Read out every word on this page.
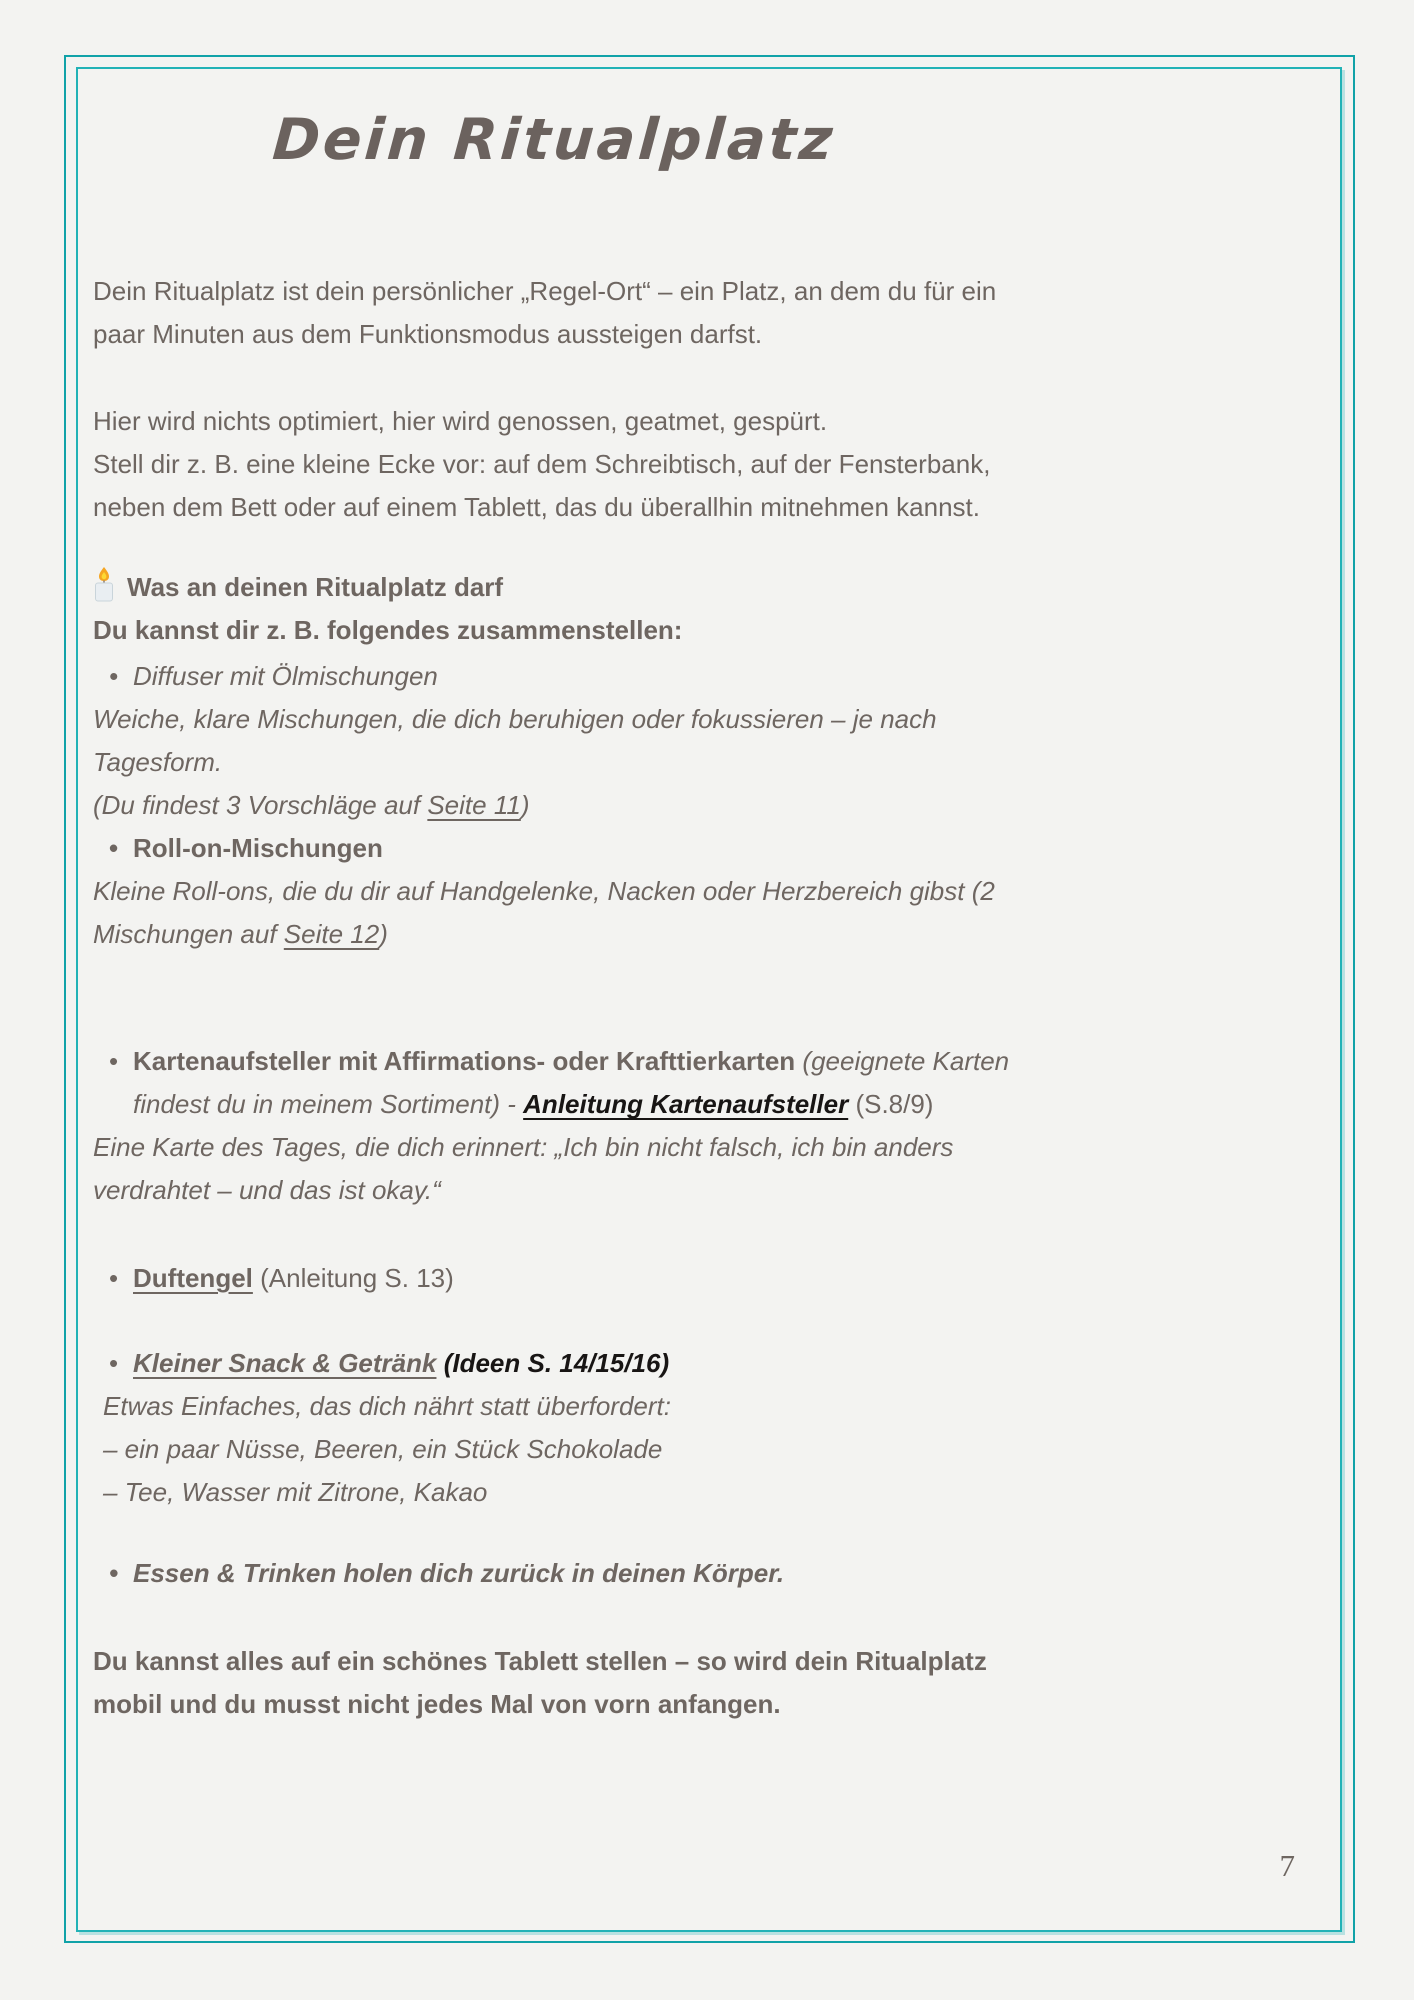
Dein Ritualplatz

Dein Ritualplatz ist dein persönlicher „Regel-Ort“ – ein Platz, an dem du für ein paar Minuten aus dem Funktionsmodus aussteigen darfst.

Hier wird nichts optimiert, hier wird genossen, geatmet, gespürt.
Stell dir z. B. eine kleine Ecke vor: auf dem Schreibtisch, auf der Fensterbank, neben dem Bett oder auf einem Tablett, das du überallhin mitnehmen kannst.
Was an deinen Ritualplatz darf
Du kannst dir z. B. folgendes zusammenstellen:
• Diffuser mit Ölmischungen
Weiche, klare Mischungen, die dich beruhigen oder fokussieren – je nach Tagesform.
(Du findest 3 Vorschläge auf Seite 11)
• Roll-on-Mischungen
Kleine Roll-ons, die du dir auf Handgelenke, Nacken oder Herzbereich gibst (2 Mischungen auf Seite 12)
• Kartenaufsteller mit Affirmations- oder Krafttierkarten (geeignete Karten findest du in meinem Sortiment) - Anleitung Kartenaufsteller (S.8/9)
Eine Karte des Tages, die dich erinnert: „Ich bin nicht falsch, ich bin anders verdrahtet – und das ist okay.“
• Duftengel (Anleitung S. 13)
• Kleiner Snack & Getränk (Ideen S. 14/15/16)
Etwas Einfaches, das dich nährt statt überfordert:
– ein paar Nüsse, Beeren, ein Stück Schokolade
– Tee, Wasser mit Zitrone, Kakao
• Essen & Trinken holen dich zurück in deinen Körper.

Du kannst alles auf ein schönes Tablett stellen – so wird dein Ritualplatz mobil und du musst nicht jedes Mal von vorn anfangen.

7
